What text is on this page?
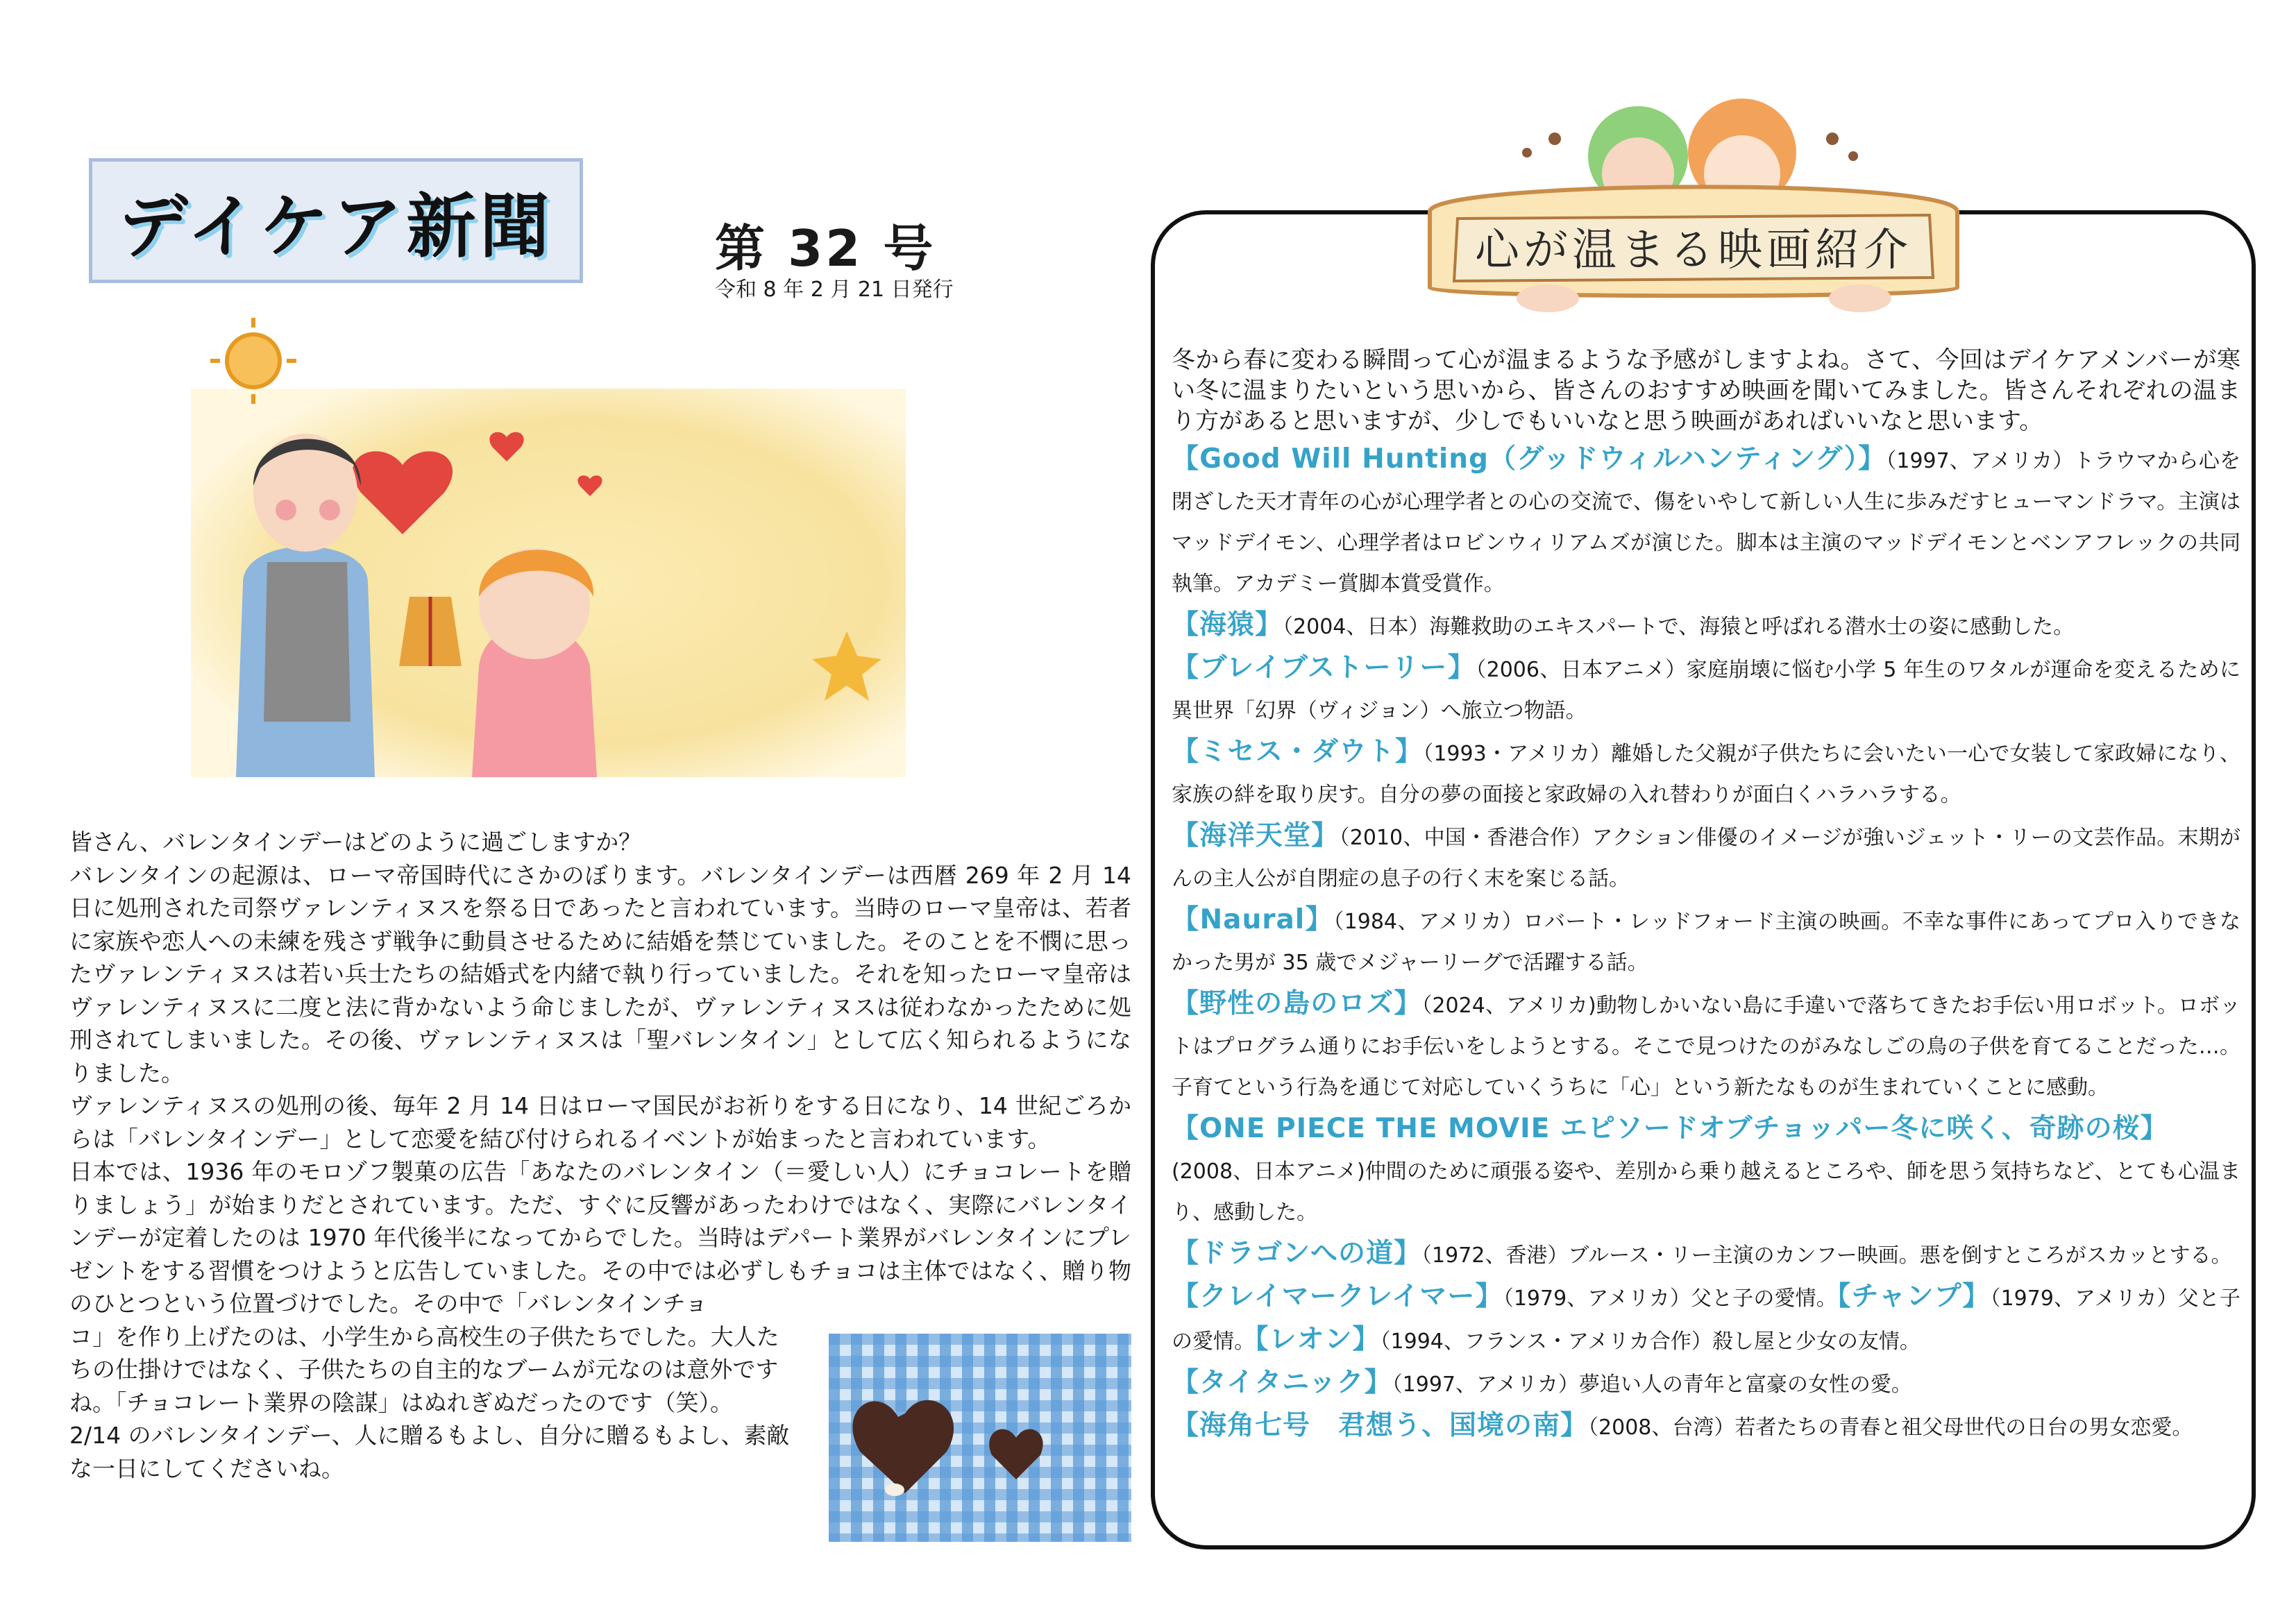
デイケア新聞	第 32 号
令和 8 年 2 月 21 日発行

皆さん、バレンタインデーはどのように過ごしますか？

バレンタインの起源は、ローマ帝国時代にさかのぼります。バレンタインデーは西暦 269 年 2 月 14 日に処刑された司祭ヴァレンティヌスを祭る日であったと言われています。当時のローマ皇帝は、若者に家族や恋人への未練を残さず戦争に動員させるために結婚を禁じていました。そのことを不憫に思ったヴァレンティヌスは若い兵士たちの結婚式を内緒で執り行っていました。それを知ったローマ皇帝はヴァレンティヌスに二度と法に背かないよう命じましたが、ヴァレンティヌスは従わなかったために処刑されてしまいました。その後、ヴァレンティヌスは「聖バレンタイン」として広く知られるようになりました。

ヴァレンティヌスの処刑の後、毎年 2 月 14 日はローマ国民がお祈りをする日になり、14 世紀ごろからは「バレンタインデー」として恋愛を結び付けられるイベントが始まったと言われています。

日本では、1936 年のモロゾフ製菓の広告「あなたのバレンタイン（＝愛しい人）にチョコレートを贈りましょう」が始まりだとされています。ただ、すぐに反響があったわけではなく、実際にバレンタインデーが定着したのは 1970 年代後半になってからでした。当時はデパート業界がバレンタインにプレゼントをする習慣をつけようと広告していました。その中では必ずしもチョコは主体ではなく、贈り物のひとつという位置づけでした。その中で「バレンタインチョ

コ」を作り上げたのは、小学生から高校生の子供たちでした。大人た

ちの仕掛けではなく、子供たちの自主的なブームが元なのは意外です

ね。「チョコレート業界の陰謀」はぬれぎぬだったのです（笑）。

2/14 のバレンタインデー、人に贈るもよし、自分に贈るもよし、素敵

な一日にしてくださいね。

心が温まる映画紹介
冬から春に変わる瞬間って心が温まるような予感がしますよね。さて、今回はデイケアメンバーが寒い冬に温まりたいという思いから、皆さんのおすすめ映画を聞いてみました。皆さんそれぞれの温まり方があると思いますが、少しでもいいなと思う映画があればいいなと思います。

【Good Will Hunting（グッドウィルハンティング）】（1997、アメリカ）トラウマから心を閉ざした天才青年の心が心理学者との心の交流で、傷をいやして新しい人生に歩みだすヒューマンドラマ。主演はマッドデイモン、心理学者はロビンウィリアムズが演じた。脚本は主演のマッドデイモンとベンアフレックの共同執筆。アカデミー賞脚本賞受賞作。

【海猿】（2004、日本）海難救助のエキスパートで、海猿と呼ばれる潜水士の姿に感動した。

【ブレイブストーリー】（2006、日本アニメ）家庭崩壊に悩む小学 5 年生のワタルが運命を変えるために異世界「幻界（ヴィジョン）へ旅立つ物語。

【ミセス・ダウト】（1993・アメリカ）離婚した父親が子供たちに会いたい一心で女装して家政婦になり、家族の絆を取り戻す。自分の夢の面接と家政婦の入れ替わりが面白くハラハラする。

【海洋天堂】（2010、中国・香港合作）アクション俳優のイメージが強いジェット・リーの文芸作品。末期がんの主人公が自閉症の息子の行く末を案じる話。

【Naural】（1984、アメリカ）ロバート・レッドフォード主演の映画。不幸な事件にあってプロ入りできなかった男が 35 歳でメジャーリーグで活躍する話。

【野性の島のロズ】（2024、アメリカ)動物しかいない島に手違いで落ちてきたお手伝い用ロボット。ロボットはプログラム通りにお手伝いをしようとする。そこで見つけたのがみなしごの鳥の子供を育てることだった…。子育てという行為を通じて対応していくうちに「心」という新たなものが生まれていくことに感動。

【ONE PIECE THE MOVIE エピソードオブチョッパー冬に咲く、奇跡の桜】
(2008、日本アニメ)仲間のために頑張る姿や、差別から乗り越えるところや、師を思う気持ちなど、とても心温まり、感動した。

【ドラゴンへの道】（1972、香港）ブルース・リー主演のカンフー映画。悪を倒すところがスカッとする。

【クレイマークレイマー】（1979、アメリカ）父と子の愛情。【チャンプ】（1979、アメリカ）父と子の愛情。【レオン】（1994、フランス・アメリカ合作）殺し屋と少女の友情。

【タイタニック】（1997、アメリカ）夢追い人の青年と富豪の女性の愛。

【海角七号　君想う、国境の南】（2008、台湾）若者たちの青春と祖父母世代の日台の男女恋愛。
